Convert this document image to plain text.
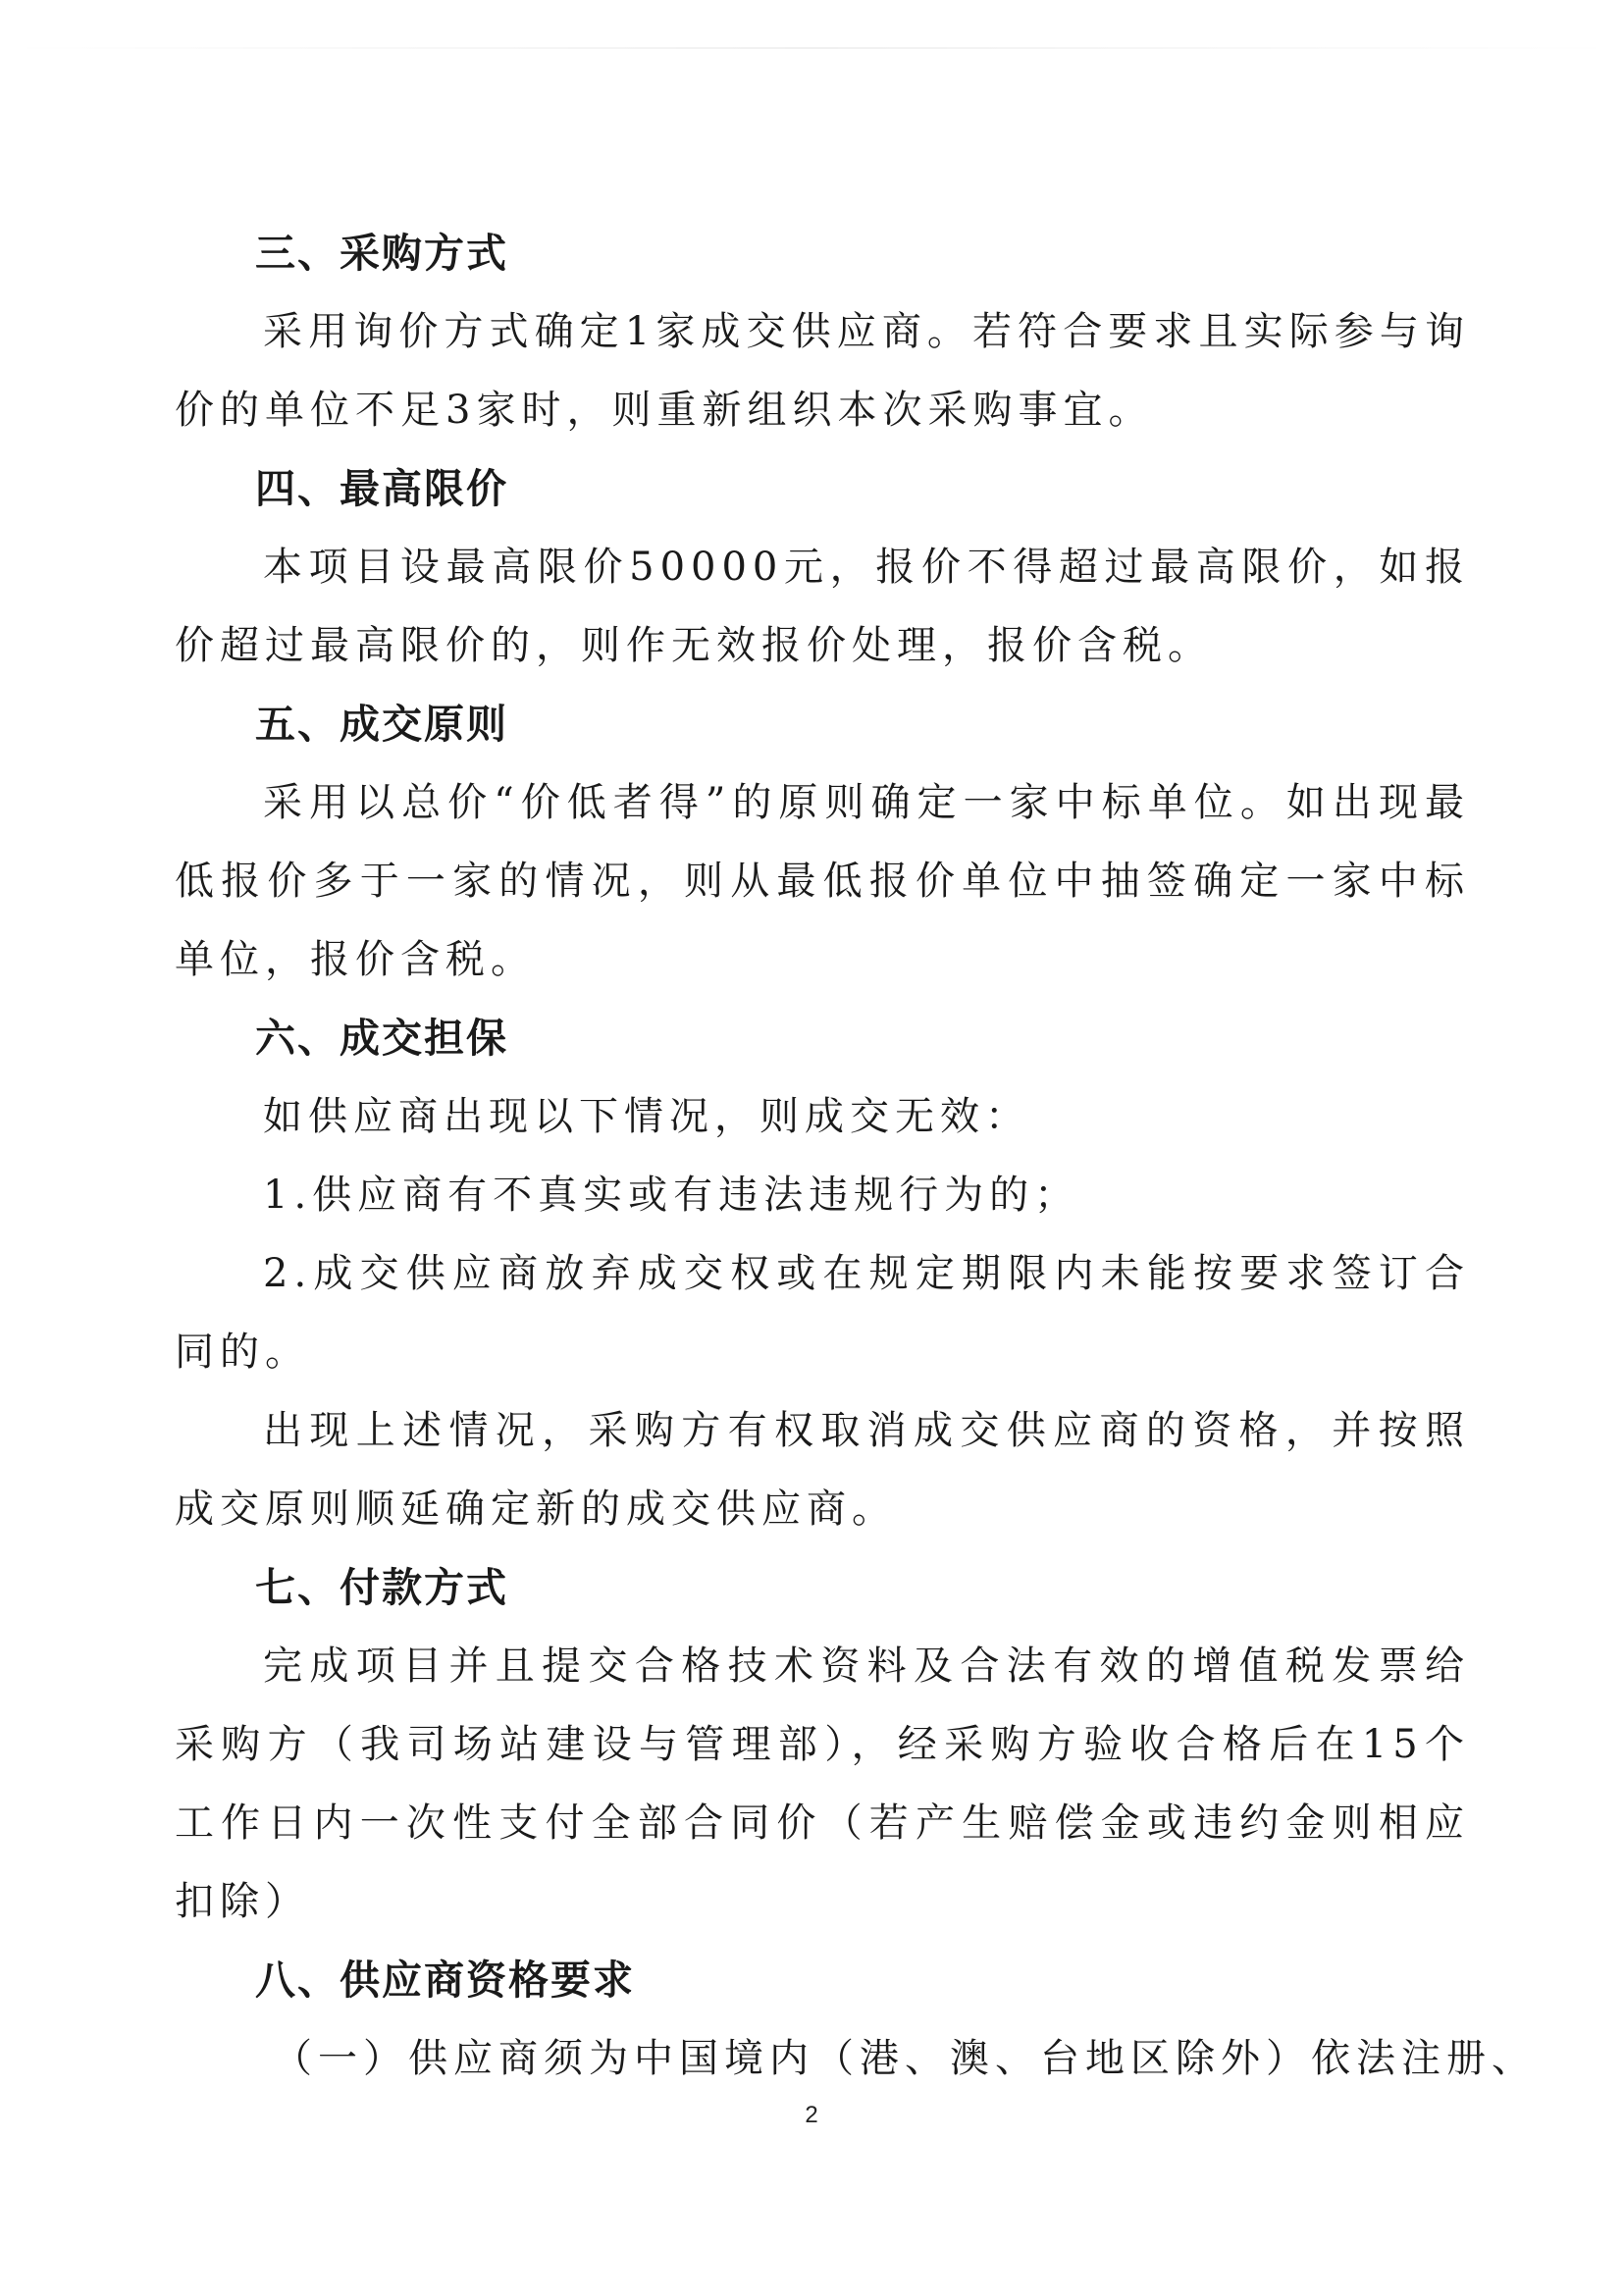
三、采购方式

采用询价方式确定1家成交供应商。若符合要求且实际参与询价的单位不足3家时，则重新组织本次采购事宜。

四、最高限价

本项目设最高限价50000元，报价不得超过最高限价，如报价超过最高限价的，则作无效报价处理，报价含税。

五、成交原则

采用以总价“价低者得”的原则确定一家中标单位。如出现最低报价多于一家的情况，则从最低报价单位中抽签确定一家中标单位，报价含税。

六、成交担保

如供应商出现以下情况，则成交无效：

1.供应商有不真实或有违法违规行为的；

2.成交供应商放弃成交权或在规定期限内未能按要求签订合同的。

出现上述情况，采购方有权取消成交供应商的资格，并按照成交原则顺延确定新的成交供应商。

七、付款方式

完成项目并且提交合格技术资料及合法有效的增值税发票给采购方（我司场站建设与管理部），经采购方验收合格后在15个工作日内一次性支付全部合同价（若产生赔偿金或违约金则相应扣除）

八、供应商资格要求

（一）供应商须为中国境内（港、澳、台地区除外）依法注册、

2
